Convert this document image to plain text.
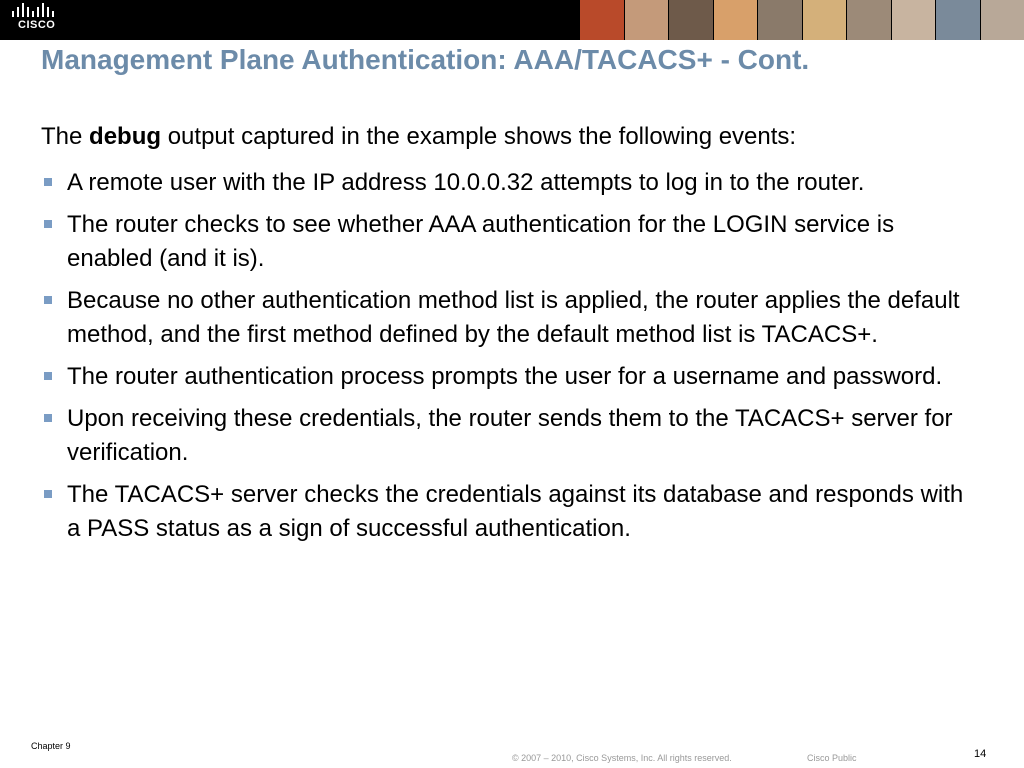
CISCO
Management Plane Authentication: AAA/TACACS+ - Cont.
The debug output captured in the example shows the following events:
A remote user with the IP address 10.0.0.32 attempts to log in to the router.
The router checks to see whether AAA authentication for the LOGIN service is enabled (and it is).
Because no other authentication method list is applied, the router applies the default method, and the first method defined by the default method list is TACACS+.
The router authentication process prompts the user for a username and password.
Upon receiving these credentials, the router sends them to the TACACS+ server for verification.
The TACACS+ server checks the credentials against its database and responds with a PASS status as a sign of successful authentication.
Chapter 9
© 2007 – 2010, Cisco Systems, Inc. All rights reserved.	Cisco Public	14
